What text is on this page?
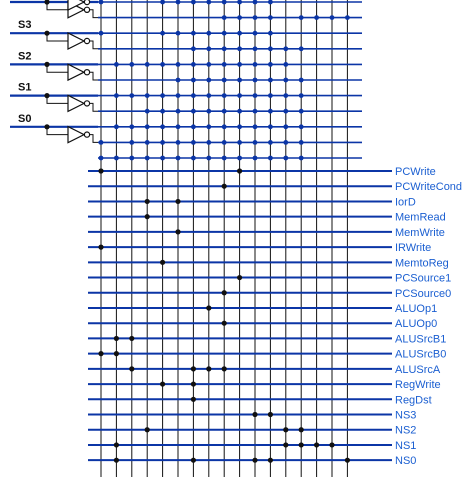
S3
S2
S1
S0
PCWrite
PCWriteCond
IorD
MemRead
MemWrite
IRWrite
MemtoReg
PCSource1
PCSource0
ALUOp1
ALUOp0
ALUSrcB1
ALUSrcB0
ALUSrcA
RegWrite
RegDst
NS3
NS2
NS1
NS0
